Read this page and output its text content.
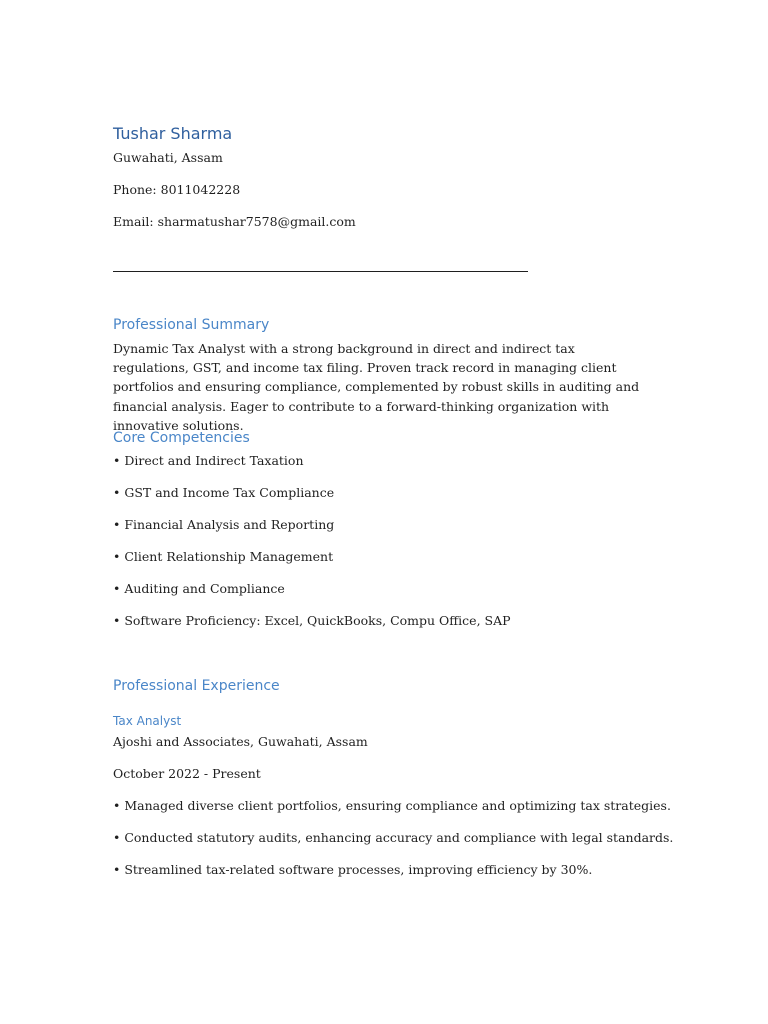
Tushar Sharma

Guwahati, Assam

Phone: 8011042228

Email: sharmatushar7578@gmail.com

Professional Summary

Dynamic Tax Analyst with a strong background in direct and indirect tax regulations, GST, and income tax filing. Proven track record in managing client portfolios and ensuring compliance, complemented by robust skills in auditing and financial analysis. Eager to contribute to a forward-thinking organization with innovative solutions.

Core Competencies

• Direct and Indirect Taxation

• GST and Income Tax Compliance

• Financial Analysis and Reporting

• Client Relationship Management

• Auditing and Compliance

• Software Proficiency: Excel, QuickBooks, Compu Office, SAP

Professional Experience
Tax Analyst

Ajoshi and Associates, Guwahati, Assam

October 2022 - Present

• Managed diverse client portfolios, ensuring compliance and optimizing tax strategies.

• Conducted statutory audits, enhancing accuracy and compliance with legal standards.

• Streamlined tax-related software processes, improving efficiency by 30%.
